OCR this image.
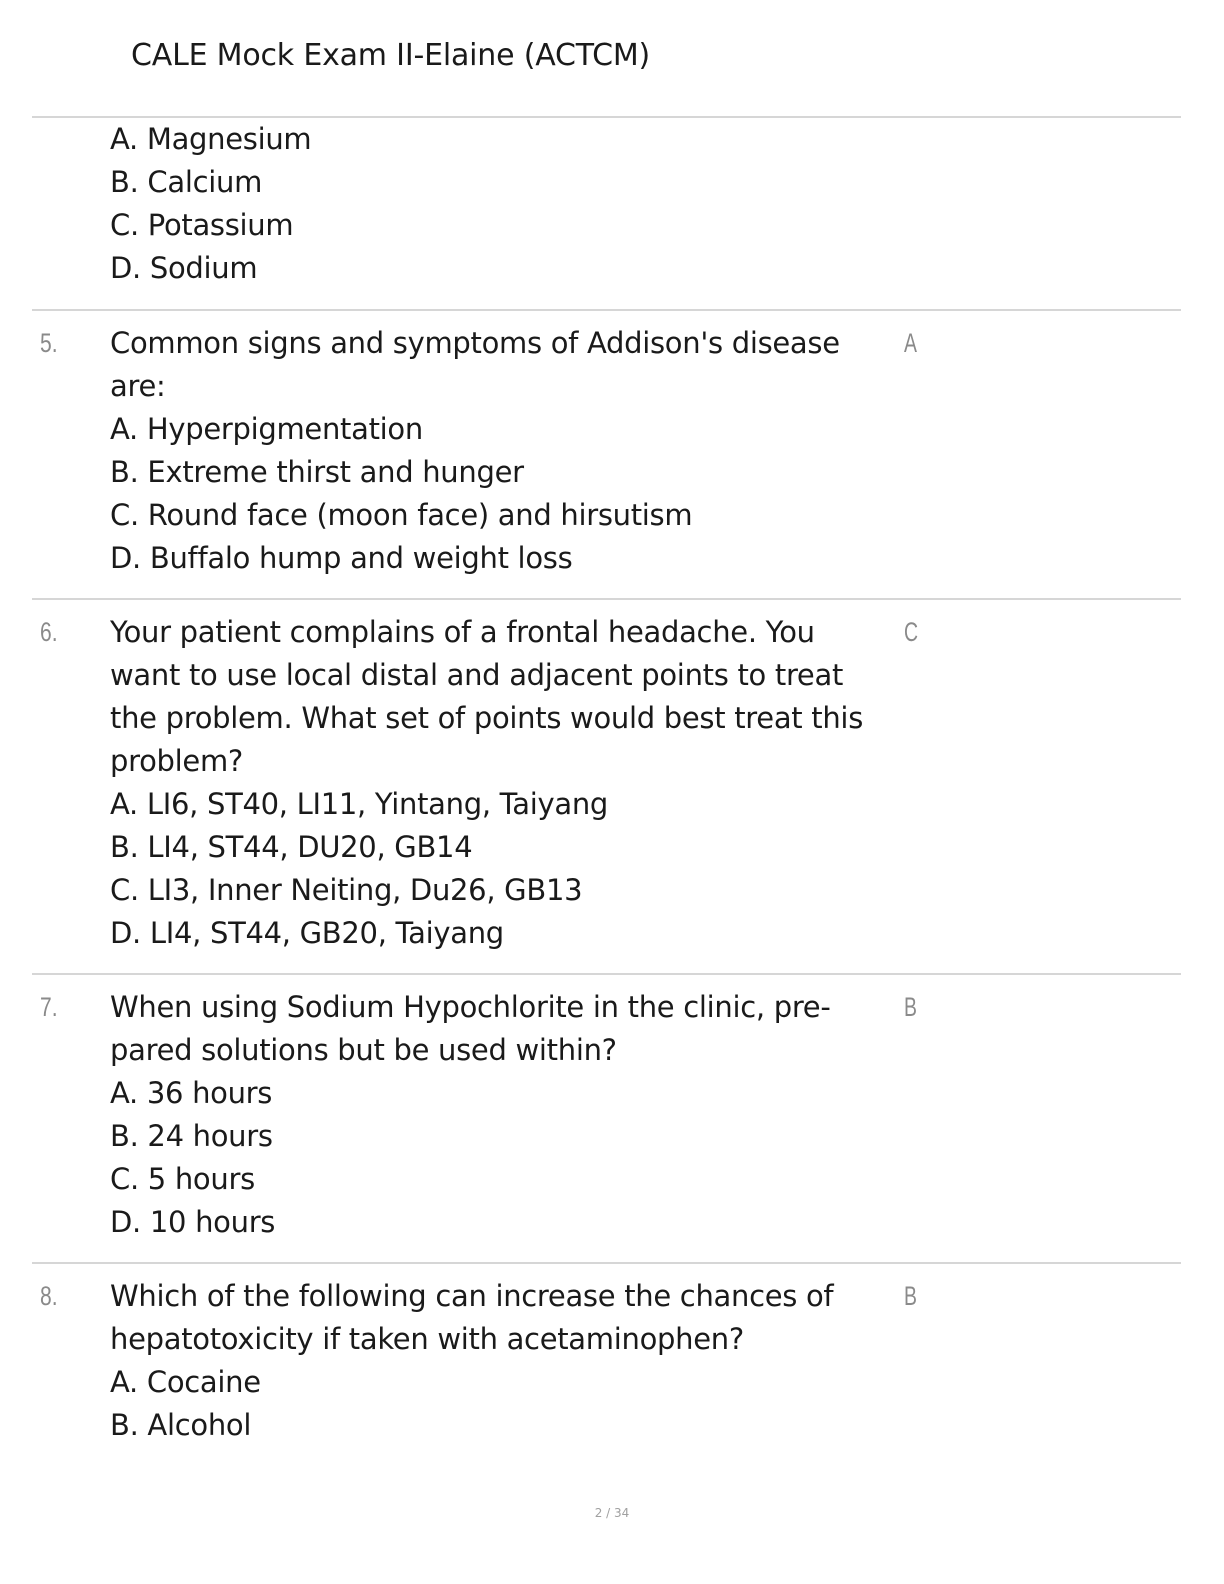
CALE Mock Exam II-Elaine (ACTCM)
A. Magnesium
B. Calcium
C. Potassium
D. Sodium
5. Common signs and symptoms of Addison's disease
are:
A. Hyperpigmentation
B. Extreme thirst and hunger
C. Round face (moon face) and hirsutism
D. Buffalo hump and weight loss
A
6. Your patient complains of a frontal headache. You
want to use local distal and adjacent points to treat
the problem. What set of points would best treat this
problem?
A. LI6, ST40, LI11, Yintang, Taiyang
B. LI4, ST44, DU20, GB14
C. LI3, Inner Neiting, Du26, GB13
D. LI4, ST44, GB20, Taiyang
C
7. When using Sodium Hypochlorite in the clinic, pre-
pared solutions but be used within?
A. 36 hours
B. 24 hours
C. 5 hours
D. 10 hours
B
8. Which of the following can increase the chances of
hepatotoxicity if taken with acetaminophen?
A. Cocaine
B. Alcohol
B
2 / 34
